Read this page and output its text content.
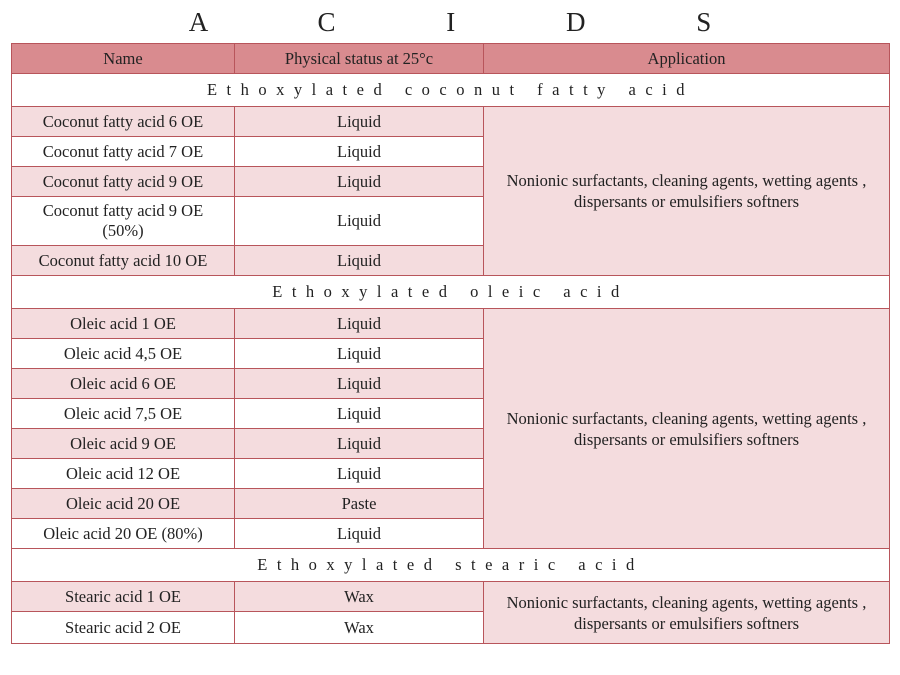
A C I D S
Name	Physical status at 25°c	Application
Ethoxylated coconut fatty acid		
Coconut fatty acid 6 OE	Liquid	Nonionic surfactants, cleaning agents, wetting agents ,
dispersants or emulsifiers softners

Coconut fatty acid 7 OE	Liquid	
Coconut fatty acid 9 OE	Liquid	

Coconut fatty acid 9 OE
(50%)	Liquid	
Coconut fatty acid 10 OE	Liquid	
Ethoxylated oleic acid		
Oleic acid 1 OE	Liquid	Nonionic surfactants, cleaning agents, wetting agents ,
dispersants or emulsifiers softners

Oleic acid 4,5 OE	Liquid	
Oleic acid 6 OE	Liquid	
Oleic acid 7,5 OE	Liquid	
Oleic acid 9 OE	Liquid	
Oleic acid 12 OE	Liquid	
Oleic acid 20 OE	Paste	
Oleic acid 20 OE (80%)	Liquid	
Ethoxylated stearic acid		
Stearic acid 1 OE	Wax	Nonionic surfactants, cleaning agents, wetting agents ,
dispersants or emulsifiers softners

Stearic acid 2 OE	Wax	
